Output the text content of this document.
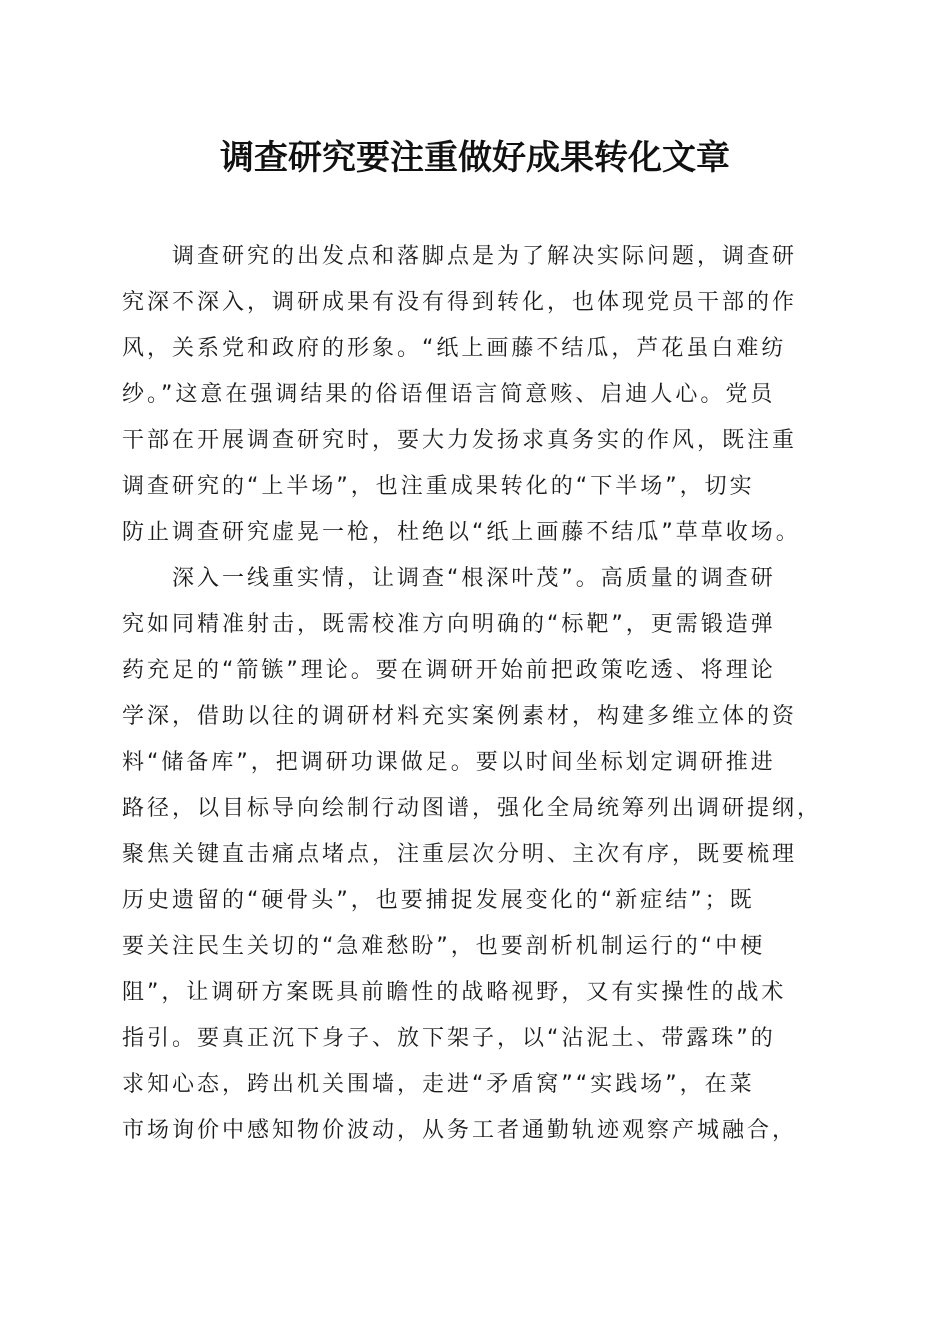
调查研究要注重做好成果转化文章
调查研究的出发点和落脚点是为了解决实际问题，调查研
究深不深入，调研成果有没有得到转化，也体现党员干部的作
风，关系党和政府的形象。“纸上画藤不结瓜，芦花虽白难纺
纱。”这意在强调结果的俗语俚语言简意赅、启迪人心。党员
干部在开展调查研究时，要大力发扬求真务实的作风，既注重
调查研究的“上半场”，也注重成果转化的“下半场”，切实
防止调查研究虚晃一枪，杜绝以“纸上画藤不结瓜”草草收场。
深入一线重实情，让调查“根深叶茂”。高质量的调查研
究如同精准射击，既需校准方向明确的“标靶”，更需锻造弹
药充足的“箭镞”理论。要在调研开始前把政策吃透、将理论
学深，借助以往的调研材料充实案例素材，构建多维立体的资
料“储备库”，把调研功课做足。要以时间坐标划定调研推进
路径，以目标导向绘制行动图谱，强化全局统筹列出调研提纲，
聚焦关键直击痛点堵点，注重层次分明、主次有序，既要梳理
历史遗留的“硬骨头”，也要捕捉发展变化的“新症结”；既
要关注民生关切的“急难愁盼”，也要剖析机制运行的“中梗
阻”，让调研方案既具前瞻性的战略视野，又有实操性的战术
指引。要真正沉下身子、放下架子，以“沾泥土、带露珠”的
求知心态，跨出机关围墙，走进“矛盾窝”“实践场”，在菜
市场询价中感知物价波动，从务工者通勤轨迹观察产城融合，
